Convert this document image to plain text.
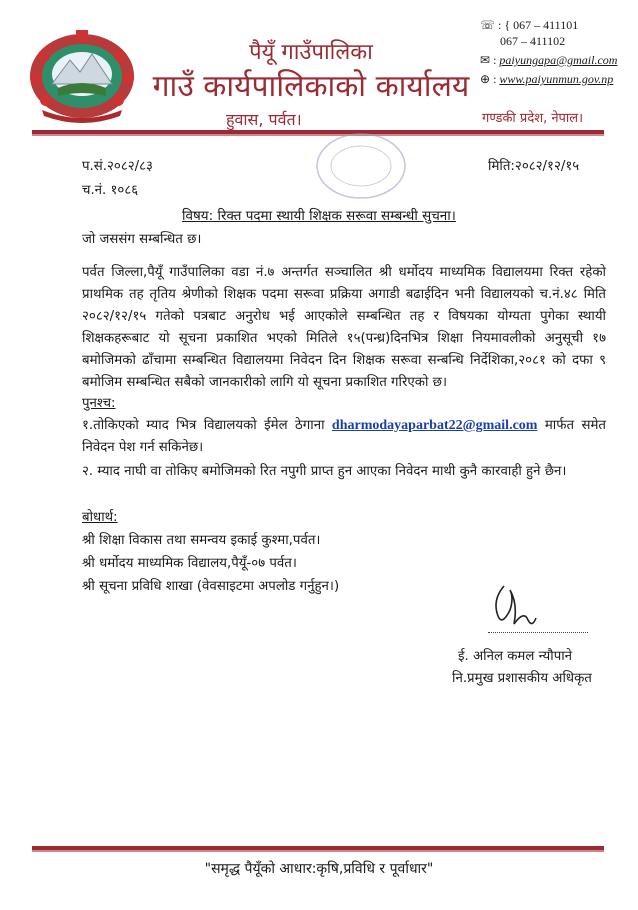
पैयूँ गाउँपालिका
गाउँ कार्यपालिकाको कार्यालय
हुवास, पर्वत।	गण्डकी प्रदेश, नेपाल।
☏ : { 067 – 411101
067 – 411102
✉ : paiyungapa@gmail.com
⊕ : www.paiyunmun.gov.np
प.सं.२०८२/८३
च.नं. १०८६
मिति:२०८२/१२/१५
विषय: रिक्त पदमा स्थायी शिक्षक सरूवा सम्बन्धी सुचना।
जो जससंग सम्बन्धित छ।
पर्वत जिल्ला,पैयूँ गाउँपालिका वडा नं.७ अन्तर्गत सञ्चालित श्री धर्मोदय माध्यमिक विद्यालयमा रिक्त रहेको प्राथमिक तह तृतिय श्रेणीको शिक्षक पदमा सरूवा प्रक्रिया अगाडी बढाईदिन भनी विद्यालयको च.नं.४८ मिति २०८२/१२/१५ गतेको पत्रबाट अनुरोध भई आएकोले सम्बन्धित तह र विषयका योग्यता पुगेका स्थायी शिक्षकहरूबाट यो सूचना प्रकाशित भएको मितिले १५(पन्ध्र)दिनभित्र शिक्षा नियमावलीको अनुसूची १७ बमोजिमको ढाँचामा सम्बन्धित विद्यालयमा निवेदन दिन शिक्षक सरूवा सन्बन्धि निर्देशिका,२०८१ को दफा ९ बमोजिम सम्बन्धित सबैको जानकारीको लागि यो सूचना प्रकाशित गरिएको छ।
पुनश्च:
१.तोकिएको म्याद भित्र विद्यालयको ईमेल ठेगाना dharmodayaparbat22@gmail.com मार्फत समेत निवेदन पेश गर्न सकिनेछ।
२. म्याद नाघी वा तोकिए बमोजिमको रित नपुगी प्राप्त हुन आएका निवेदन माथी कुनै कारवाही हुने छैन।
बोधार्थ:
श्री शिक्षा विकास तथा समन्वय इकाई कुश्मा,पर्वत।
श्री धर्मोदय माध्यमिक विद्यालय,पैयूँ-०७ पर्वत।
श्री सूचना प्रविधि शाखा (वेवसाइटमा अपलोड गर्नुहुन।)
ई. अनिल कमल न्यौपाने
नि.प्रमुख प्रशासकीय अधिकृत
"समृद्ध पैयूँको आधार:कृषि,प्रविधि र पूर्वाधार"
